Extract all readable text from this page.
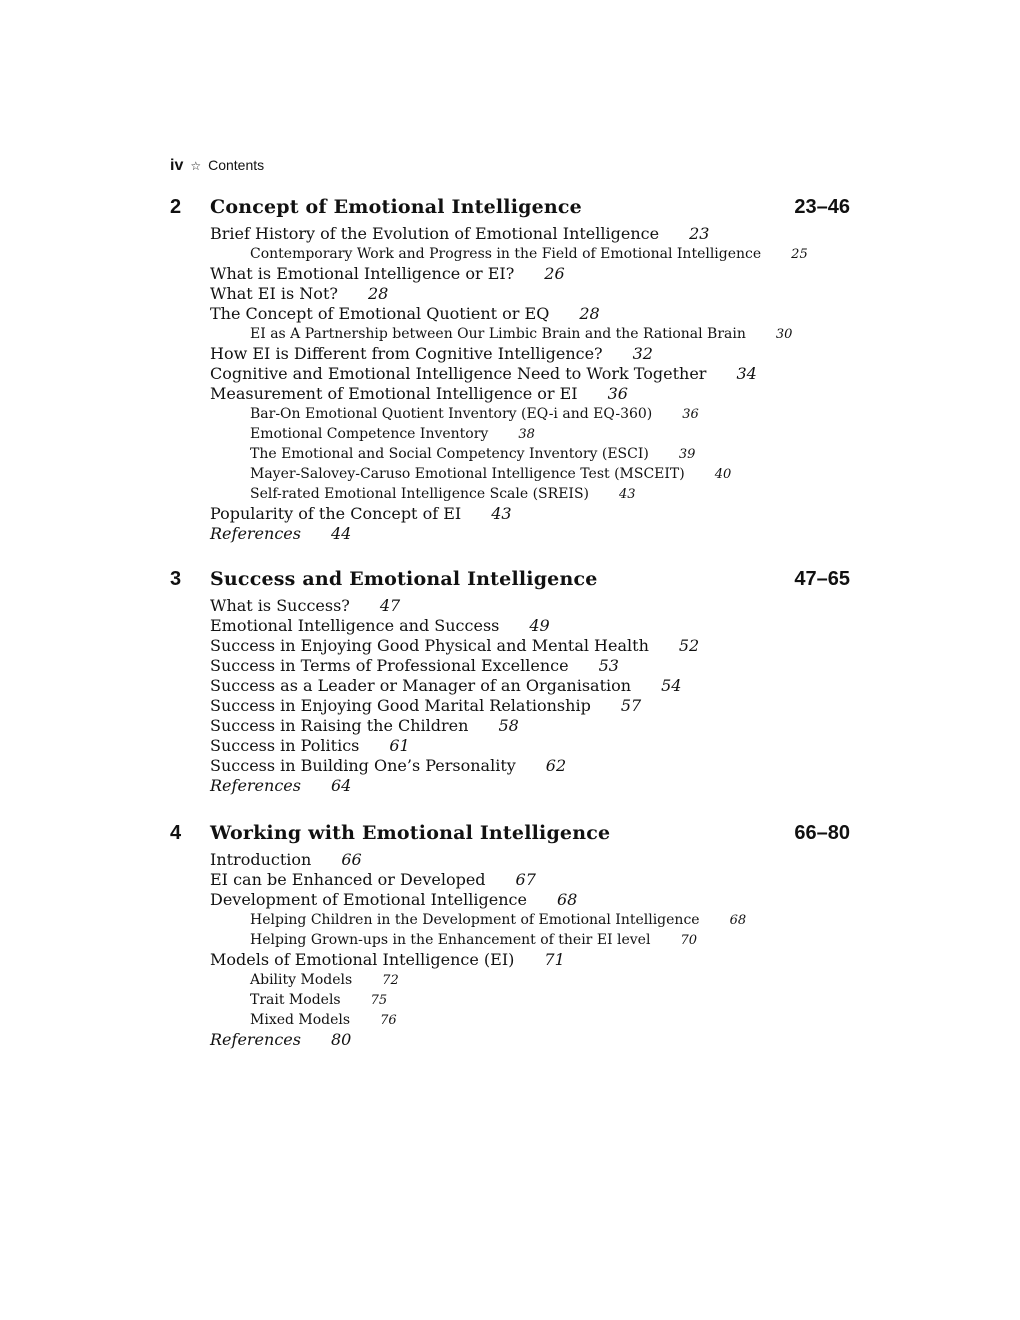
iv ☆ Contents
2	Concept of Emotional Intelligence	23–46
Brief History of the Evolution of Emotional Intelligence 23
Contemporary Work and Progress in the Field of Emotional Intelligence 25
What is Emotional Intelligence or EI? 26
What EI is Not? 28
The Concept of Emotional Quotient or EQ 28
EI as A Partnership between Our Limbic Brain and the Rational Brain 30
How EI is Different from Cognitive Intelligence? 32
Cognitive and Emotional Intelligence Need to Work Together 34
Measurement of Emotional Intelligence or EI 36
Bar-On Emotional Quotient Inventory (EQ-i and EQ-360) 36
Emotional Competence Inventory 38
The Emotional and Social Competency Inventory (ESCI) 39
Mayer-Salovey-Caruso Emotional Intelligence Test (MSCEIT) 40
Self-rated Emotional Intelligence Scale (SREIS) 43
Popularity of the Concept of EI 43
References 44
3	Success and Emotional Intelligence	47–65
What is Success? 47
Emotional Intelligence and Success 49
Success in Enjoying Good Physical and Mental Health 52
Success in Terms of Professional Excellence 53
Success as a Leader or Manager of an Organisation 54
Success in Enjoying Good Marital Relationship 57
Success in Raising the Children 58
Success in Politics 61
Success in Building One’s Personality 62
References 64
4	Working with Emotional Intelligence	66–80
Introduction 66
EI can be Enhanced or Developed 67
Development of Emotional Intelligence 68
Helping Children in the Development of Emotional Intelligence 68
Helping Grown-ups in the Enhancement of their EI level 70
Models of Emotional Intelligence (EI) 71
Ability Models 72
Trait Models 75
Mixed Models 76
References 80
